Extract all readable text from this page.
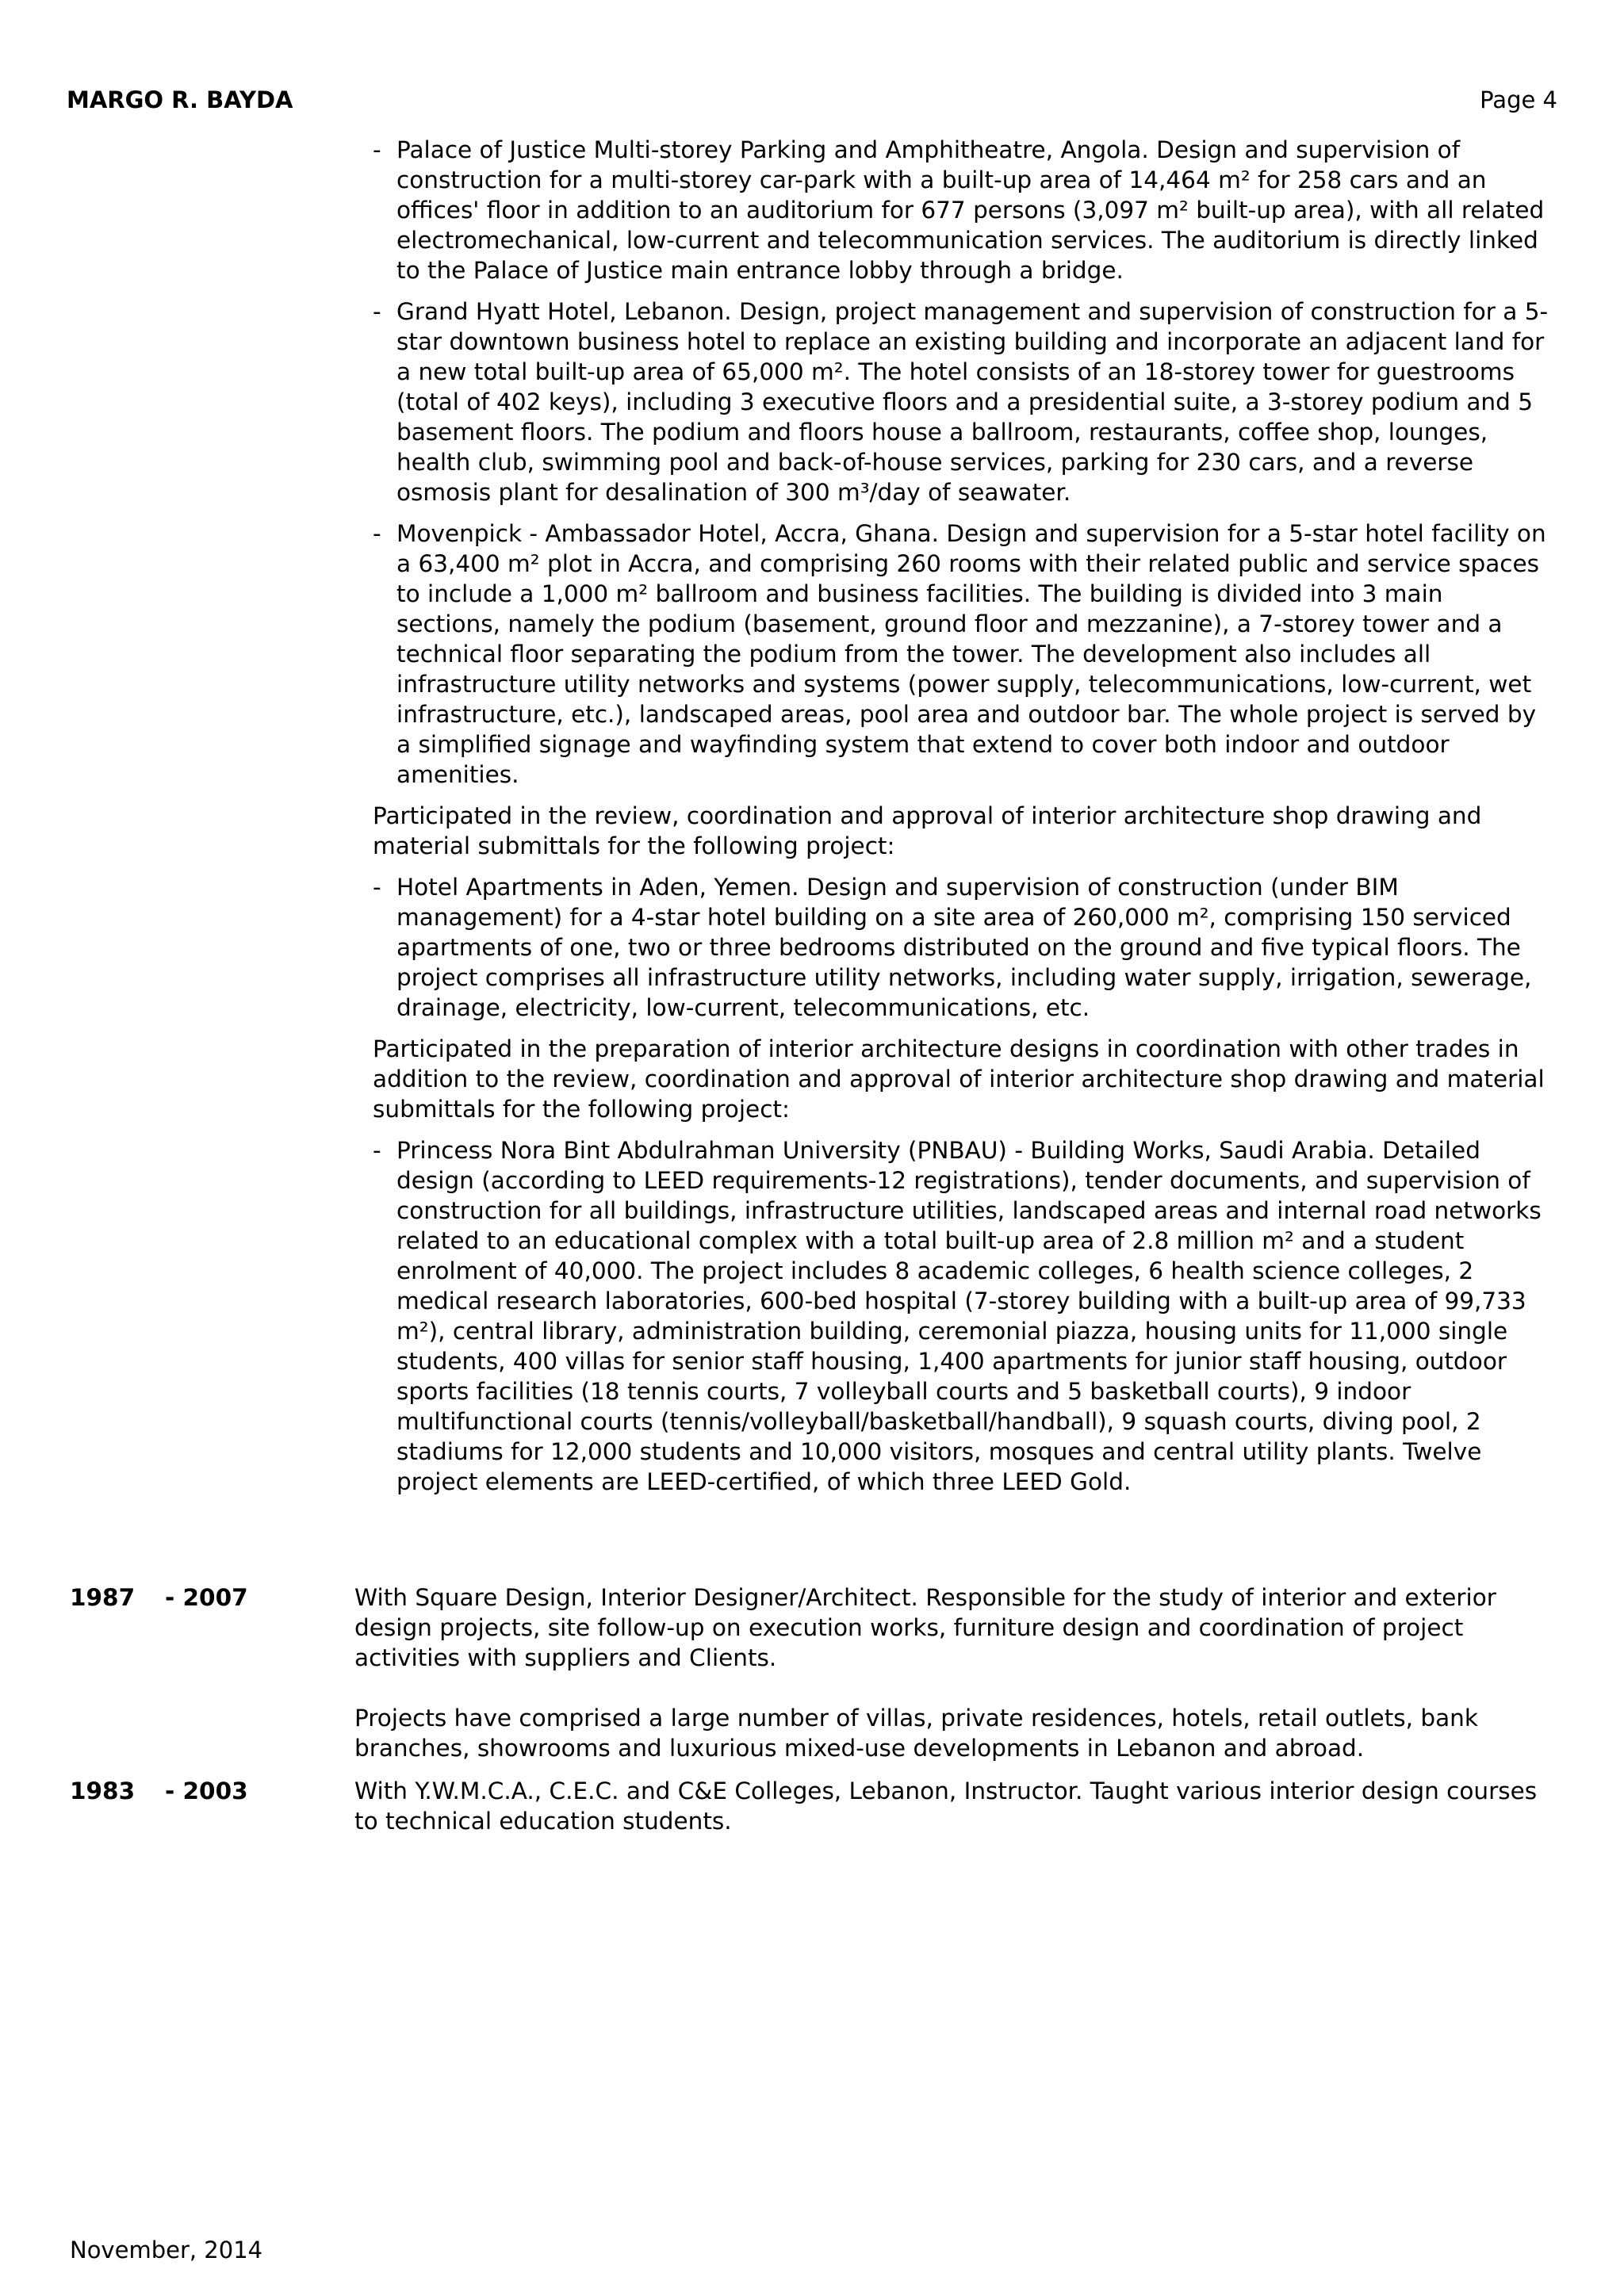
MARGO R. BAYDA	Page 4
- Palace of Justice Multi-storey Parking and Amphitheatre, Angola. Design and supervision of construction for a multi-storey car-park with a built-up area of 14,464 m² for 258 cars and an offices' floor in addition to an auditorium for 677 persons (3,097 m² built-up area), with all related electromechanical, low-current and telecommunication services. The auditorium is directly linked to the Palace of Justice main entrance lobby through a bridge.
- Grand Hyatt Hotel, Lebanon. Design, project management and supervision of construction for a 5-star downtown business hotel to replace an existing building and incorporate an adjacent land for a new total built-up area of 65,000 m². The hotel consists of an 18-storey tower for guestrooms (total of 402 keys), including 3 executive floors and a presidential suite, a 3-storey podium and 5 basement floors. The podium and floors house a ballroom, restaurants, coffee shop, lounges, health club, swimming pool and back-of-house services, parking for 230 cars, and a reverse osmosis plant for desalination of 300 m³/day of seawater.
- Movenpick - Ambassador Hotel, Accra, Ghana. Design and supervision for a 5-star hotel facility on a 63,400 m² plot in Accra, and comprising 260 rooms with their related public and service spaces to include a 1,000 m² ballroom and business facilities. The building is divided into 3 main sections, namely the podium (basement, ground floor and mezzanine), a 7-storey tower and a technical floor separating the podium from the tower. The development also includes all infrastructure utility networks and systems (power supply, telecommunications, low-current, wet infrastructure, etc.), landscaped areas, pool area and outdoor bar. The whole project is served by a simplified signage and wayfinding system that extend to cover both indoor and outdoor amenities.

Participated in the review, coordination and approval of interior architecture shop drawing and material submittals for the following project:

- Hotel Apartments in Aden, Yemen. Design and supervision of construction (under BIM management) for a 4-star hotel building on a site area of 260,000 m², comprising 150 serviced apartments of one, two or three bedrooms distributed on the ground and five typical floors. The project comprises all infrastructure utility networks, including water supply, irrigation, sewerage, drainage, electricity, low-current, telecommunications, etc.

Participated in the preparation of interior architecture designs in coordination with other trades in addition to the review, coordination and approval of interior architecture shop drawing and material submittals for the following project:

- Princess Nora Bint Abdulrahman University (PNBAU) - Building Works, Saudi Arabia. Detailed design (according to LEED requirements-12 registrations), tender documents, and supervision of construction for all buildings, infrastructure utilities, landscaped areas and internal road networks related to an educational complex with a total built-up area of 2.8 million m² and a student enrolment of 40,000. The project includes 8 academic colleges, 6 health science colleges, 2 medical research laboratories, 600-bed hospital (7-storey building with a built-up area of 99,733 m²), central library, administration building, ceremonial piazza, housing units for 11,000 single students, 400 villas for senior staff housing, 1,400 apartments for junior staff housing, outdoor sports facilities (18 tennis courts, 7 volleyball courts and 5 basketball courts), 9 indoor multifunctional courts (tennis/volleyball/basketball/handball), 9 squash courts, diving pool, 2 stadiums for 12,000 students and 10,000 visitors, mosques and central utility plants. Twelve project elements are LEED-certified, of which three LEED Gold.
1987 - 2007	With Square Design, Interior Designer/Architect. Responsible for the study of interior and exterior design projects, site follow-up on execution works, furniture design and coordination of project activities with suppliers and Clients.

Projects have comprised a large number of villas, private residences, hotels, retail outlets, bank branches, showrooms and luxurious mixed-use developments in Lebanon and abroad.

1983 - 2003	With Y.W.M.C.A., C.E.C. and C&E Colleges, Lebanon, Instructor. Taught various interior design courses to technical education students.

November, 2014
